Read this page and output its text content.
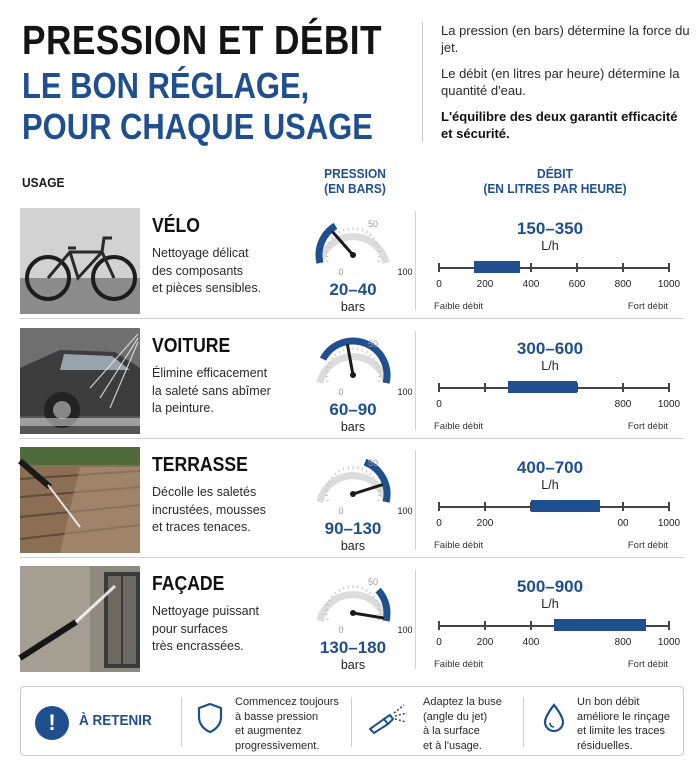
PRESSION ET DÉBIT
LE BON RÉGLAGE,
POUR CHAQUE USAGE

La pression (en bars) détermine la force du jet.

Le débit (en litres par heure) détermine la quantité d'eau.

L'équilibre des deux garantit efficacité et sécurité.

USAGE
PRESSION
(EN BARS)
DÉBIT
(EN LITRES PAR HEURE)
VÉLO
Nettoyage délicat
des composants
et pièces sensibles.
0
50
100
20–40
bars
150–350
L/h
Faible débit	Fort débit
0	200	400	600	800	1000
VOITURE
Élimine efficacement
la saleté sans abîmer
la peinture.
0
50
100
60–90
bars
300–600
L/h
Faible débit	Fort débit
0	800	1000
TERRASSE
Décolle les saletés
incrustées, mousses
et traces tenaces.
0
50
100
90–130
bars
400–700
L/h
Faible débit	Fort débit
0	200	00	1000
FAÇADE
Nettoyage puissant
pour surfaces
très encrassées.
0
50
100
130–180
bars
500–900
L/h
Faible débit	Fort débit
0	200	400	800	1000
!	À RETENIR
Commencez toujours
à basse pression
et augmentez
progressivement.
Adaptez la buse
(angle du jet)
à la surface
et à l'usage.
Un bon débit
améliore le rinçage
et limite les traces
résiduelles.
